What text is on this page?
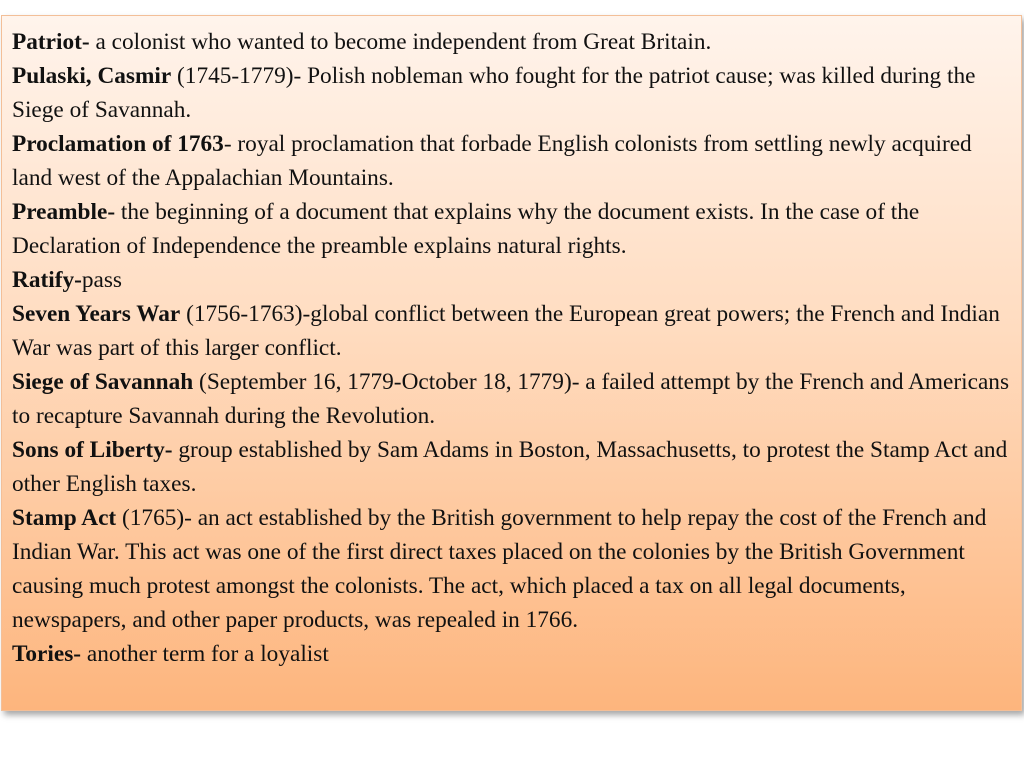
Patriot- a colonist who wanted to become independent from Great Britain.

Pulaski, Casmir (1745-1779)- Polish nobleman who fought for the patriot cause; was killed during the Siege of Savannah.

Proclamation of 1763- royal proclamation that forbade English colonists from settling newly acquired land west of the Appalachian Mountains.

Preamble- the beginning of a document that explains why the document exists. In the case of the Declaration of Independence the preamble explains natural rights.

Ratify-pass

Seven Years War (1756-1763)-global conflict between the European great powers; the French and Indian War was part of this larger conflict.

Siege of Savannah (September 16, 1779-October 18, 1779)- a failed attempt by the French and Americans to recapture Savannah during the Revolution.

Sons of Liberty- group established by Sam Adams in Boston, Massachusetts, to protest the Stamp Act and other English taxes.

Stamp Act (1765)- an act established by the British government to help repay the cost of the French and Indian War. This act was one of the first direct taxes placed on the colonies by the British Government causing much protest amongst the colonists. The act, which placed a tax on all legal documents, newspapers, and other paper products, was repealed in 1766.

Tories- another term for a loyalist
